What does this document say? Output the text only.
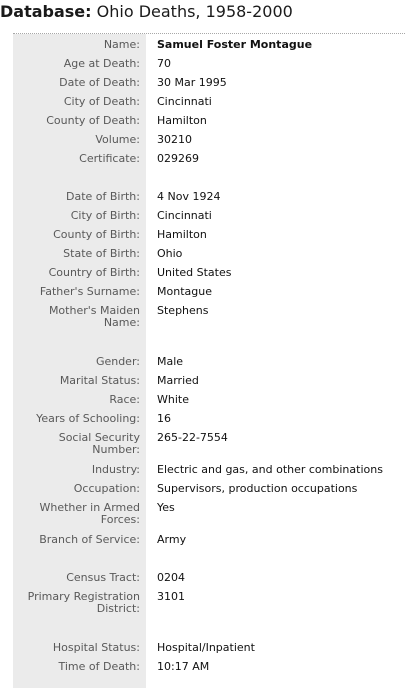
Database: Ohio Deaths, 1958-2000
Name: Samuel Foster Montague
Age at Death: 70
Date of Death: 30 Mar 1995
City of Death: Cincinnati
County of Death: Hamilton
Volume: 30210
Certificate: 029269
Date of Birth: 4 Nov 1924
City of Birth: Cincinnati
County of Birth: Hamilton
State of Birth: Ohio
Country of Birth: United States
Father's Surname: Montague
Mother's Maiden
Name:
Stephens
Gender: Male
Marital Status: Married
Race: White
Years of Schooling: 16
Social Security
Number:
265-22-7554
Industry: Electric and gas, and other combinations
Occupation: Supervisors, production occupations
Whether in Armed
Forces:
Yes
Branch of Service: Army
Census Tract: 0204
Primary Registration
District:
3101
Hospital Status: Hospital/Inpatient
Time of Death: 10:17 AM
